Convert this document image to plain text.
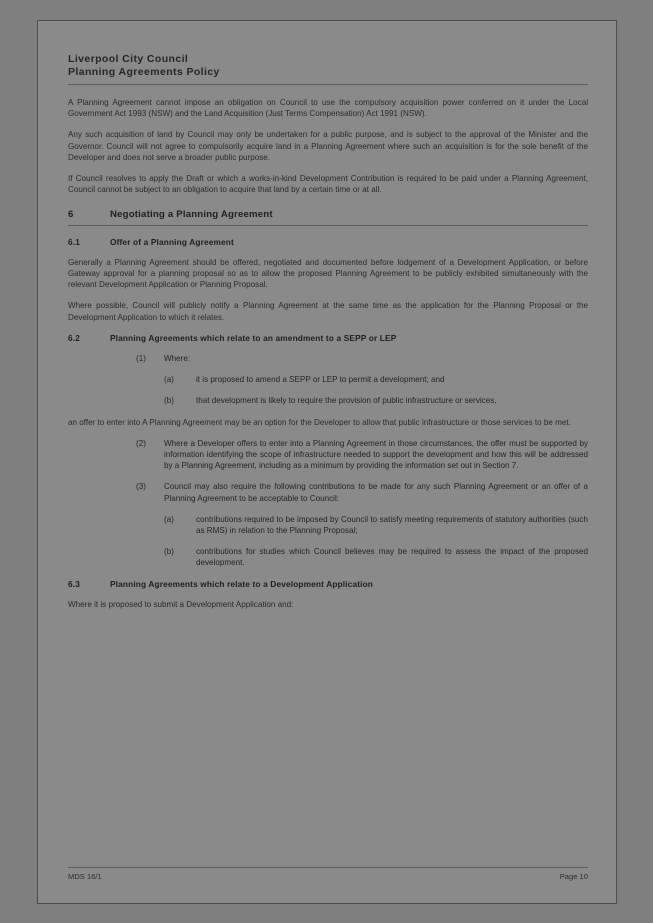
Liverpool City Council
Planning Agreements Policy

A Planning Agreement cannot impose an obligation on Council to use the compulsory acquisition power conferred on it under the Local Government Act 1993 (NSW) and the Land Acquisition (Just Terms Compensation) Act 1991 (NSW).

Any such acquisition of land by Council may only be undertaken for a public purpose, and is subject to the approval of the Minister and the Governor. Council will not agree to compulsorily acquire land in a Planning Agreement where such an acquisition is for the sole benefit of the Developer and does not serve a broader public purpose.

If Council resolves to apply the Draft or which a works-in-kind Development Contribution is required to be paid under a Planning Agreement, Council cannot be subject to an obligation to acquire that land by a certain time or at all.

6	Negotiating a Planning Agreement
6.1	Offer of a Planning Agreement

Generally a Planning Agreement should be offered, negotiated and documented before lodgement of a Development Application, or before Gateway approval for a planning proposal so as to allow the proposed Planning Agreement to be publicly exhibited simultaneously with the relevant Development Application or Planning Proposal.

Where possible, Council will publicly notify a Planning Agreement at the same time as the application for the Planning Proposal or the Development Application to which it relates.

6.2	Planning Agreements which relate to an amendment to a SEPP or LEP
(1)	Where:
(a)	it is proposed to amend a SEPP or LEP to permit a development; and
(b)	that development is likely to require the provision of public infrastructure or services,

an offer to enter into A Planning Agreement may be an option for the Developer to allow that public infrastructure or those services to be met.

(2)	Where a Developer offers to enter into a Planning Agreement in those circumstances, the offer must be supported by information identifying the scope of infrastructure needed to support the development and how this will be addressed by a Planning Agreement, including as a minimum by providing the information set out in Section 7.
(3)	Council may also require the following contributions to be made for any such Planning Agreement or an offer of a Planning Agreement to be acceptable to Council:
(a)	contributions required to be imposed by Council to satisfy meeting requirements of statutory authorities (such as RMS) in relation to the Planning Proposal;
(b)	contributions for studies which Council believes may be required to assess the impact of the proposed development.
6.3	Planning Agreements which relate to a Development Application

Where it is proposed to submit a Development Application and:

MDS 16/1	Page 10
